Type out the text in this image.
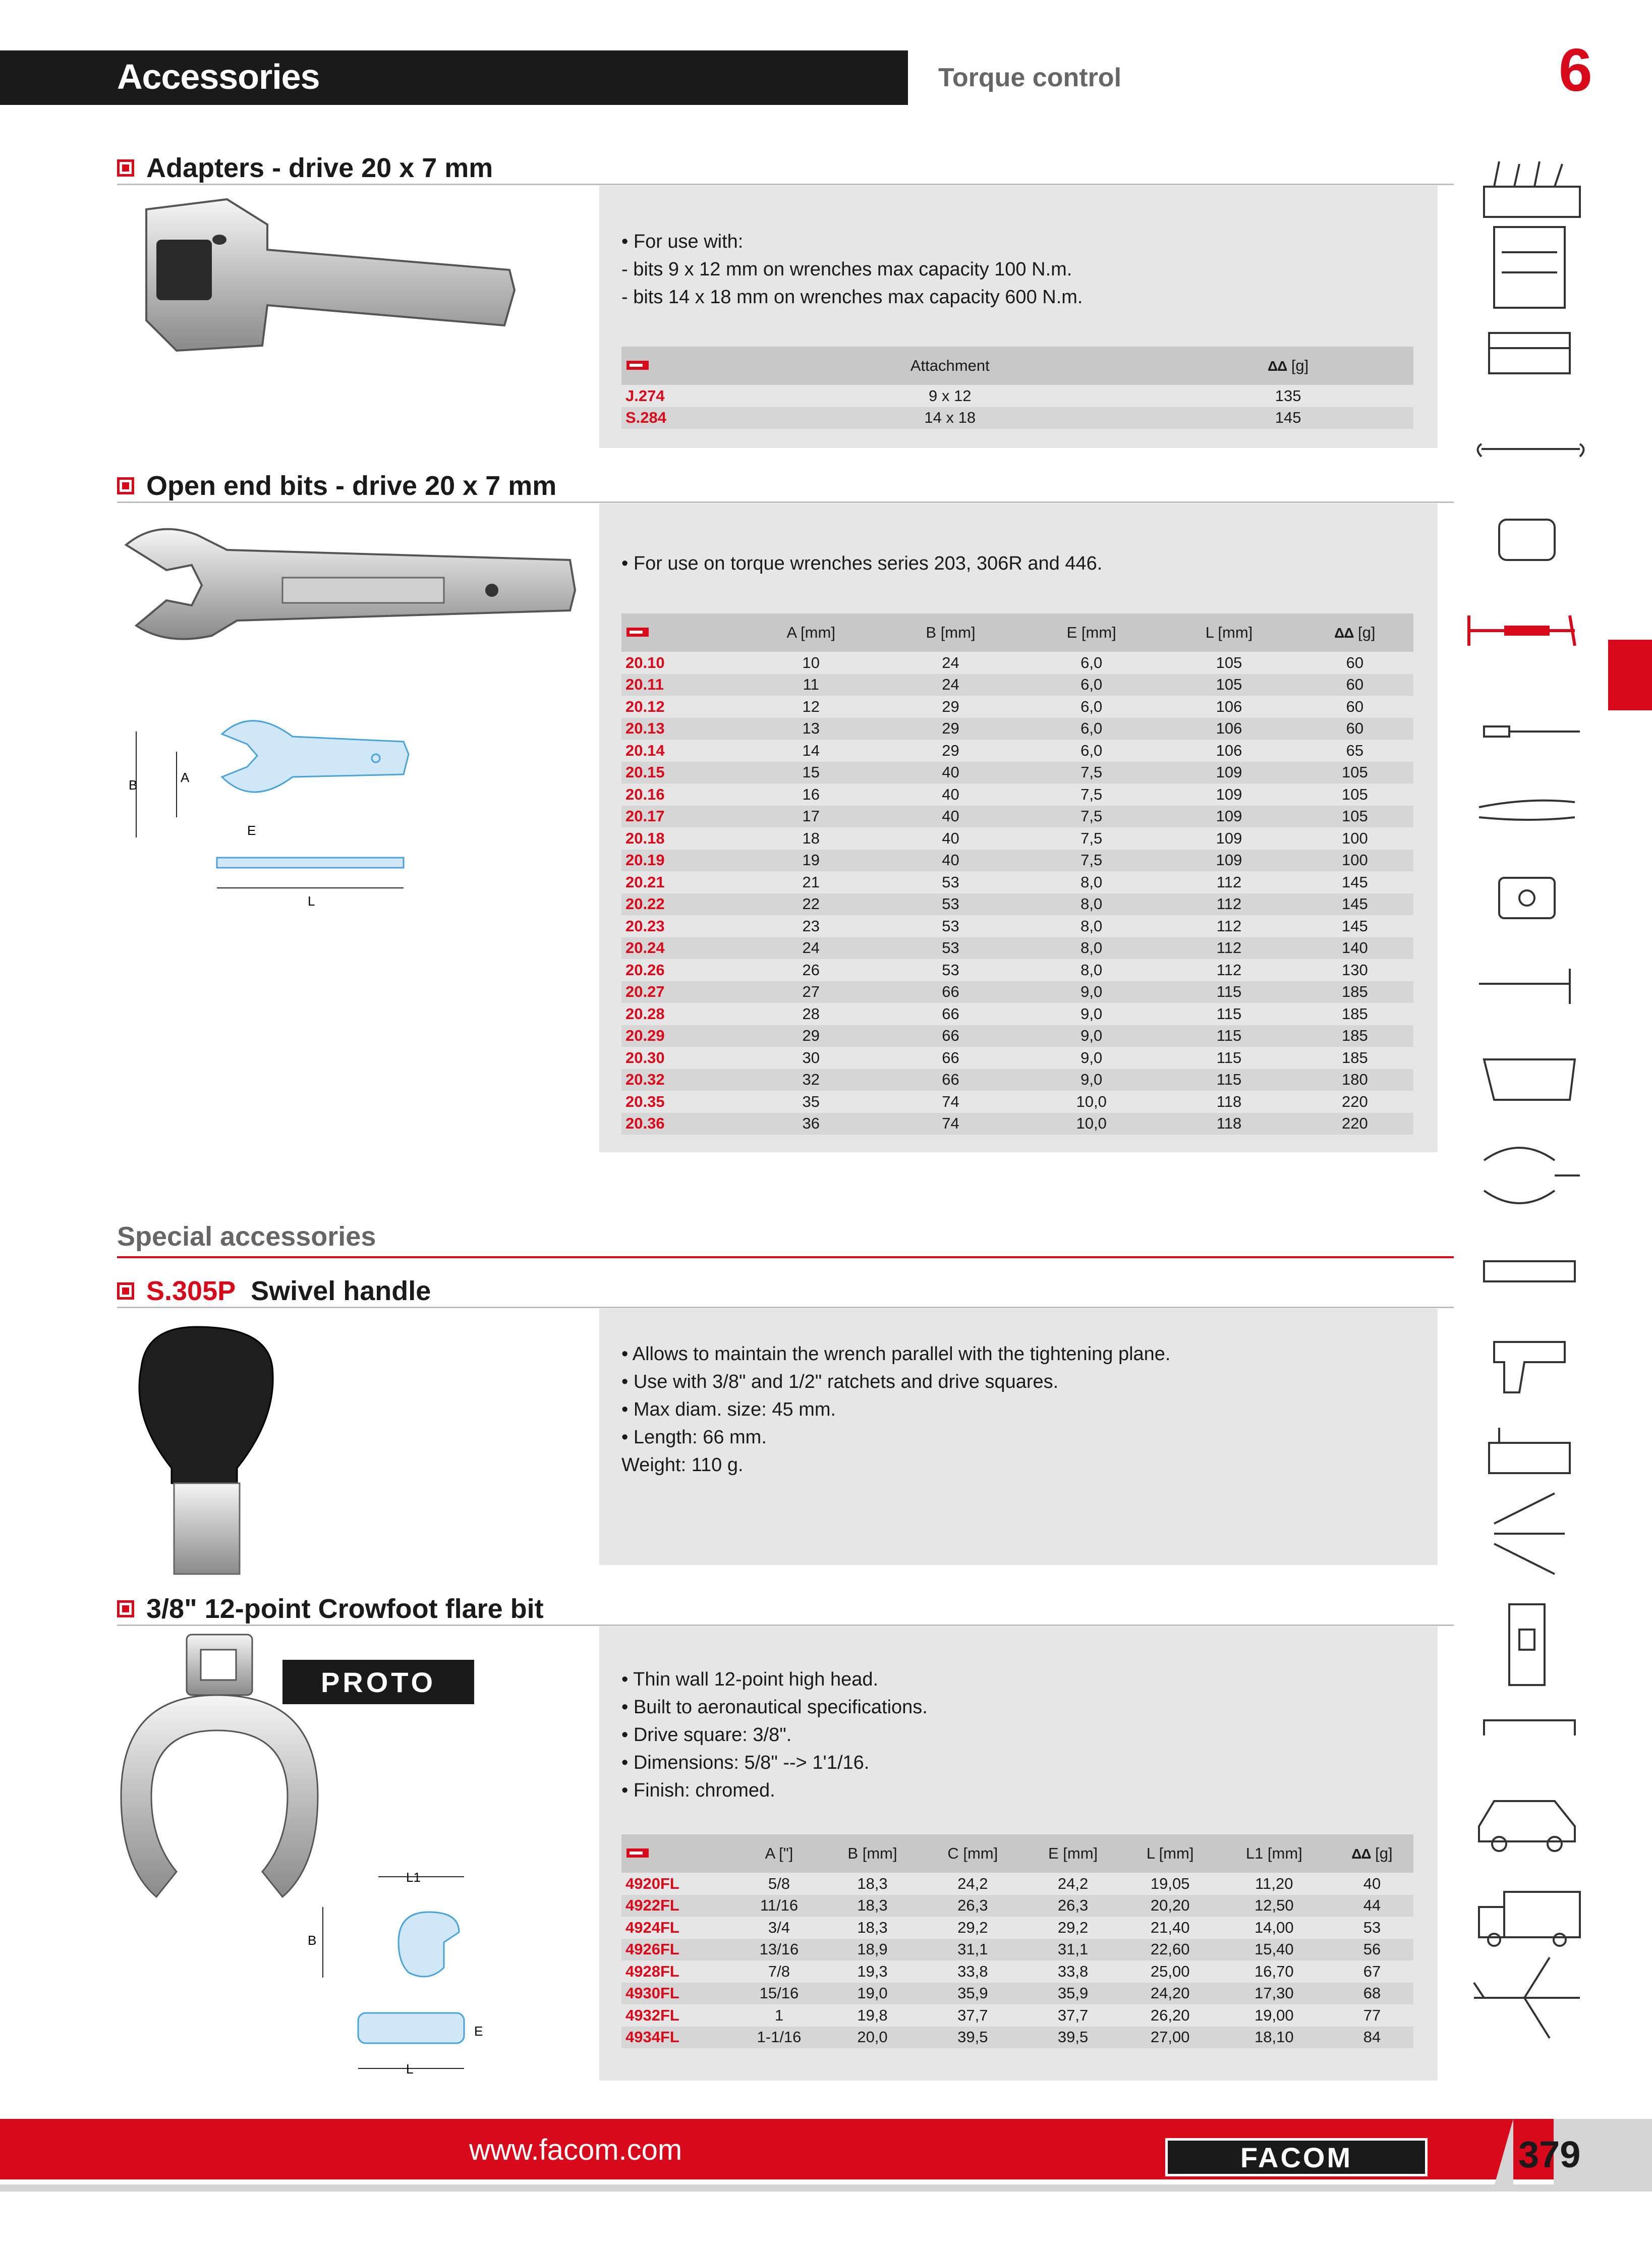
Accessories	Torque control	6
Adapters - drive 20 x 7 mm
• For use with:
- bits 9 x 12 mm on wrenches max capacity 100 N.m.
- bits 14 x 18 mm on wrenches max capacity 600 N.m.
	Attachment	ΔΔ [g]
J.274	9 x 12	135
S.284	14 x 18	145
Open end bits - drive 20 x 7 mm
B	A
E
L
• For use on torque wrenches series 203, 306R and 446.
	A [mm]	B [mm]	E [mm]	L [mm]	ΔΔ [g]
20.10	10	24	6,0	105	60
20.11	11	24	6,0	105	60
20.12	12	29	6,0	106	60
20.13	13	29	6,0	106	60
20.14	14	29	6,0	106	65
20.15	15	40	7,5	109	105
20.16	16	40	7,5	109	105
20.17	17	40	7,5	109	105
20.18	18	40	7,5	109	100
20.19	19	40	7,5	109	100
20.21	21	53	8,0	112	145
20.22	22	53	8,0	112	145
20.23	23	53	8,0	112	145
20.24	24	53	8,0	112	140
20.26	26	53	8,0	112	130
20.27	27	66	9,0	115	185
20.28	28	66	9,0	115	185
20.29	29	66	9,0	115	185
20.30	30	66	9,0	115	185
20.32	32	66	9,0	115	180
20.35	35	74	10,0	118	220
20.36	36	74	10,0	118	220
Special accessories
S.305P Swivel handle
• Allows to maintain the wrench parallel with the tightening plane.
• Use with 3/8" and 1/2" ratchets and drive squares.
• Max diam. size: 45 mm.
• Length: 66 mm.
Weight: 110 g.
3/8" 12-point Crowfoot flare bit
PROTO
L1
B
E
L
• Thin wall 12-point high head.
• Built to aeronautical specifications.
• Drive square: 3/8".
• Dimensions: 5/8" --> 1'1/16.
• Finish: chromed.
	A ["]	B [mm]	C [mm]	E [mm]	L [mm]	L1 [mm]	ΔΔ [g]
4920FL	5/8	18,3	24,2	24,2	19,05	11,20	40
4922FL	11/16	18,3	26,3	26,3	20,20	12,50	44
4924FL	3/4	18,3	29,2	29,2	21,40	14,00	53
4926FL	13/16	18,9	31,1	31,1	22,60	15,40	56
4928FL	7/8	19,3	33,8	33,8	25,00	16,70	67
4930FL	15/16	19,0	35,9	35,9	24,20	17,30	68
4932FL	1	19,8	37,7	37,7	26,20	19,00	77
4934FL	1-1/16	20,0	39,5	39,5	27,00	18,10	84
www.facom.com	FACOM	379
